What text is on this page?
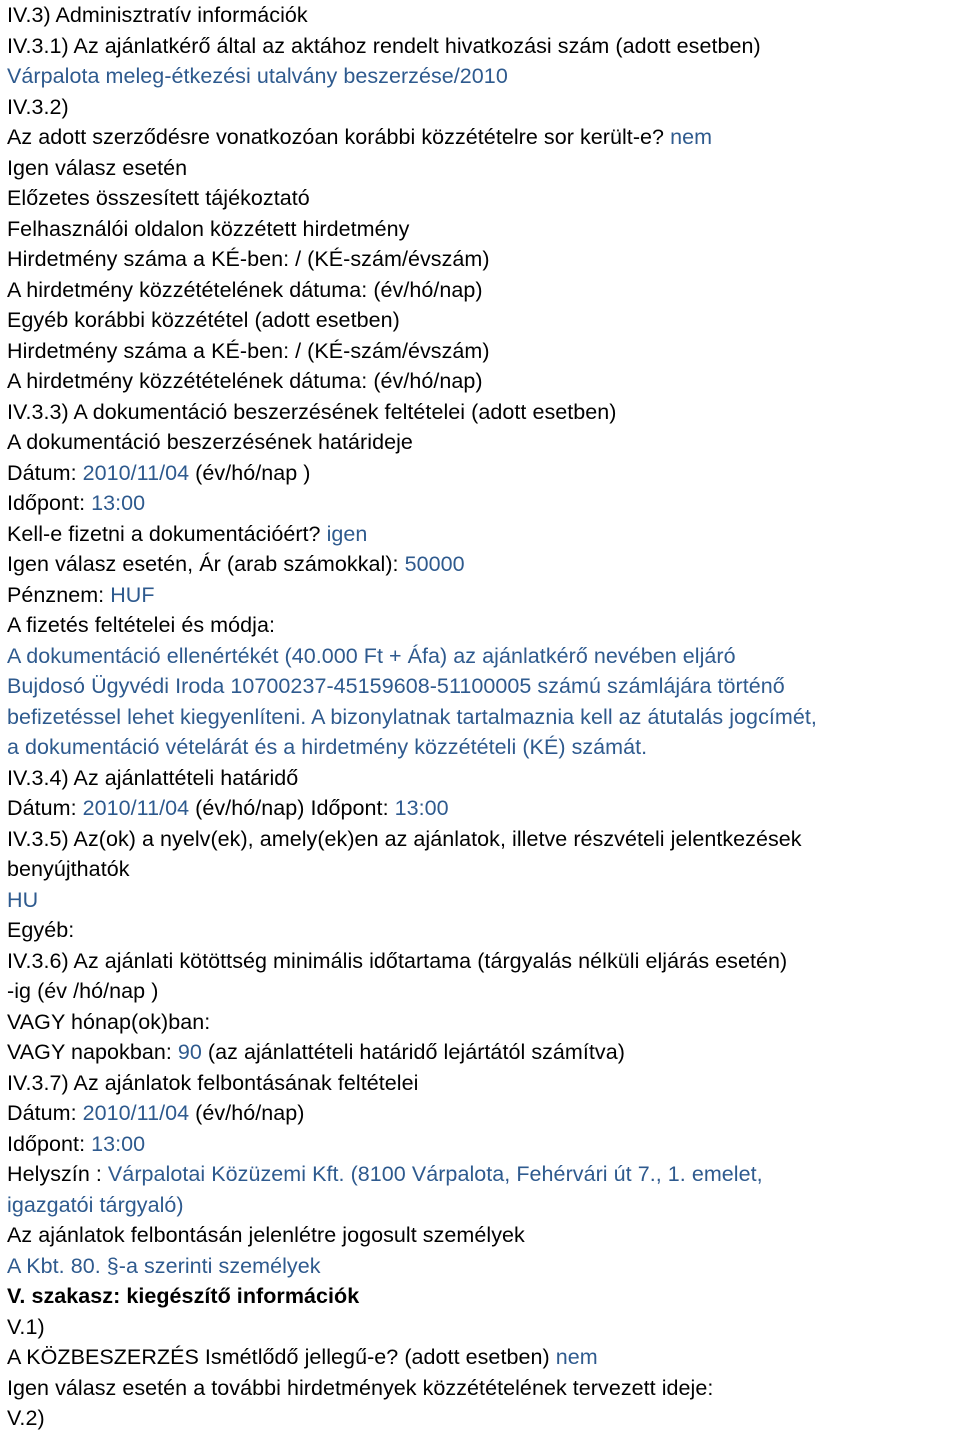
IV.3) Adminisztratív információk
IV.3.1) Az ajánlatkérő által az aktához rendelt hivatkozási szám (adott esetben)
Várpalota meleg-étkezési utalvány beszerzése/2010
IV.3.2)
Az adott szerződésre vonatkozóan korábbi közzétételre sor került-e? nem
Igen válasz esetén
Előzetes összesített tájékoztató
Felhasználói oldalon közzétett hirdetmény
Hirdetmény száma a KÉ-ben: / (KÉ-szám/évszám)
A hirdetmény közzétételének dátuma: (év/hó/nap)
Egyéb korábbi közzététel (adott esetben)
Hirdetmény száma a KÉ-ben: / (KÉ-szám/évszám)
A hirdetmény közzétételének dátuma: (év/hó/nap)
IV.3.3) A dokumentáció beszerzésének feltételei (adott esetben)
A dokumentáció beszerzésének határideje
Dátum: 2010/11/04 (év/hó/nap )
Időpont: 13:00
Kell-e fizetni a dokumentációért? igen
Igen válasz esetén, Ár (arab számokkal): 50000
Pénznem: HUF
A fizetés feltételei és módja:
A dokumentáció ellenértékét (40.000 Ft + Áfa) az ajánlatkérő nevében eljáró
Bujdosó Ügyvédi Iroda 10700237-45159608-51100005 számú számlájára történő
befizetéssel lehet kiegyenlíteni. A bizonylatnak tartalmaznia kell az átutalás jogcímét,
a dokumentáció vételárát és a hirdetmény közzétételi (KÉ) számát.
IV.3.4) Az ajánlattételi határidő
Dátum: 2010/11/04 (év/hó/nap) Időpont: 13:00
IV.3.5) Az(ok) a nyelv(ek), amely(ek)en az ajánlatok, illetve részvételi jelentkezések
benyújthatók
HU
Egyéb:
IV.3.6) Az ajánlati kötöttség minimális időtartama (tárgyalás nélküli eljárás esetén)
-ig (év /hó/nap )
VAGY hónap(ok)ban:
VAGY napokban: 90 (az ajánlattételi határidő lejártától számítva)
IV.3.7) Az ajánlatok felbontásának feltételei
Dátum: 2010/11/04 (év/hó/nap)
Időpont: 13:00
Helyszín : Várpalotai Közüzemi Kft. (8100 Várpalota, Fehérvári út 7., 1. emelet,
igazgatói tárgyaló)
Az ajánlatok felbontásán jelenlétre jogosult személyek
A Kbt. 80. §-a szerinti személyek
V. szakasz: kiegészítő információk
V.1)
A KÖZBESZERZÉS Ismétlődő jellegű-e? (adott esetben) nem
Igen válasz esetén a további hirdetmények közzétételének tervezett ideje:
V.2)
